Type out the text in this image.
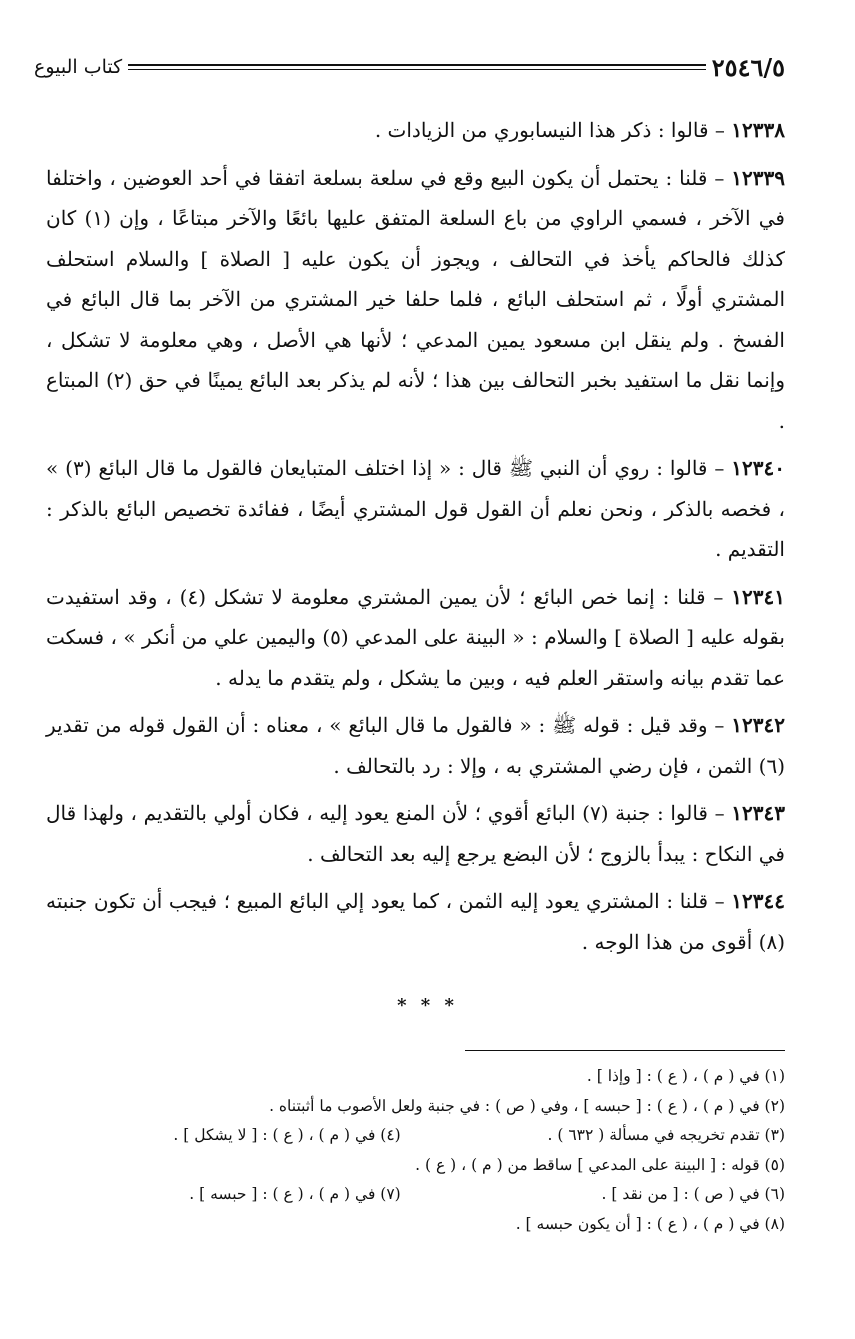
٢٥٤٦/٥
كتاب البيوع

١٢٣٣٨ – قالوا : ذكر هذا النيسابوري من الزيادات .

١٢٣٣٩ – قلنا : يحتمل أن يكون البيع وقع في سلعة بسلعة اتفقا في أحد العوضين ، واختلفا في الآخر ، فسمي الراوي من باع السلعة المتفق عليها بائعًا والآخر مبتاعًا ، وإن (١) كان كذلك فالحاكم يأخذ في التحالف ، ويجوز أن يكون عليه [ الصلاة ] والسلام استحلف المشتري أولًا ، ثم استحلف البائع ، فلما حلفا خير المشتري من الآخر بما قال البائع في الفسخ . ولم ينقل ابن مسعود يمين المدعي ؛ لأنها هي الأصل ، وهي معلومة لا تشكل ، وإنما نقل ما استفيد بخبر التحالف بين هذا ؛ لأنه لم يذكر بعد البائع يمينًا في حق (٢) المبتاع .

١٢٣٤٠ – قالوا : روي أن النبي ﷺ قال : « إذا اختلف المتبايعان فالقول ما قال البائع (٣) » ، فخصه بالذكر ، ونحن نعلم أن القول قول المشتري أيضًا ، ففائدة تخصيص البائع بالذكر : التقديم .

١٢٣٤١ – قلنا : إنما خص البائع ؛ لأن يمين المشتري معلومة لا تشكل (٤) ، وقد استفيدت بقوله عليه [ الصلاة ] والسلام : « البينة على المدعي (٥) واليمين علي من أنكر » ، فسكت عما تقدم بيانه واستقر العلم فيه ، وبين ما يشكل ، ولم يتقدم ما يدله .

١٢٣٤٢ – وقد قيل : قوله ﷺ : « فالقول ما قال البائع » ، معناه : أن القول قوله من تقدير (٦) الثمن ، فإن رضي المشتري به ، وإلا : رد بالتحالف .

١٢٣٤٣ – قالوا : جنبة (٧) البائع أقوي ؛ لأن المنع يعود إليه ، فكان أولي بالتقديم ، ولهذا قال في النكاح : يبدأ بالزوج ؛ لأن البضع يرجع إليه بعد التحالف .

١٢٣٤٤ – قلنا : المشتري يعود إليه الثمن ، كما يعود إلي البائع المبيع ؛ فيجب أن تكون جنبته (٨) أقوى من هذا الوجه .

* * *
(١) في ( م ) ، ( ع ) : [ وإذا ] .
(٢) في ( م ) ، ( ع ) : [ حبسه ] ، وفي ( ص ) : في جنبة ولعل الأصوب ما أثبتناه .
(٣) تقدم تخريجه في مسألة ( ٦٣٢ ) .
(٤) في ( م ) ، ( ع ) : [ لا يشكل ] .
(٥) قوله : [ البينة على المدعي ] ساقط من ( م ) ، ( ع ) .
(٦) في ( ص ) : [ من نقد ] .
(٧) في ( م ) ، ( ع ) : [ حبسه ] .
(٨) في ( م ) ، ( ع ) : [ أن يكون حبسه ] .
